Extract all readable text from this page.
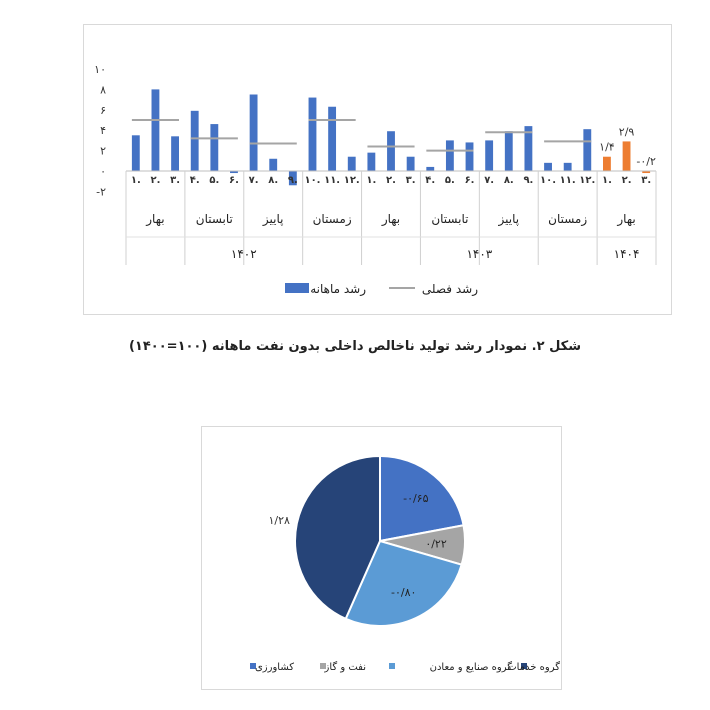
-۲
۰
۲
۴
۶
۸
۱۰
۱/۴
۲/۹
-۰/۲
۱. ۲. ۳. ۴. ۵. ۶. ۷. ۸. ۹. ۱۰. ۱۱. ۱۲. ۱. ۲. ۳. ۴. ۵. ۶. ۷. ۸. ۹. ۱۰. ۱۱. ۱۲. ۱. ۲. ۳.
بهار	تابستان	پاییز زمستان	بهار	تابستان	پاییز زمستان	بهار
۱۴۰۲	۱۴۰۳	۱۴۰۴
رشد ماهانه	رشد فصلی
شکل ۲. نمودار رشد تولید ناخالص داخلی بدون نفت ماهانه (۱۰۰=۱۴۰۰)
-۰/۶۵
۰/۲۲
-۰/۸۰
۱/۲۸
کشاورزی	نفت و گاز	گروه صنایع و معادن
گروه خدمات
